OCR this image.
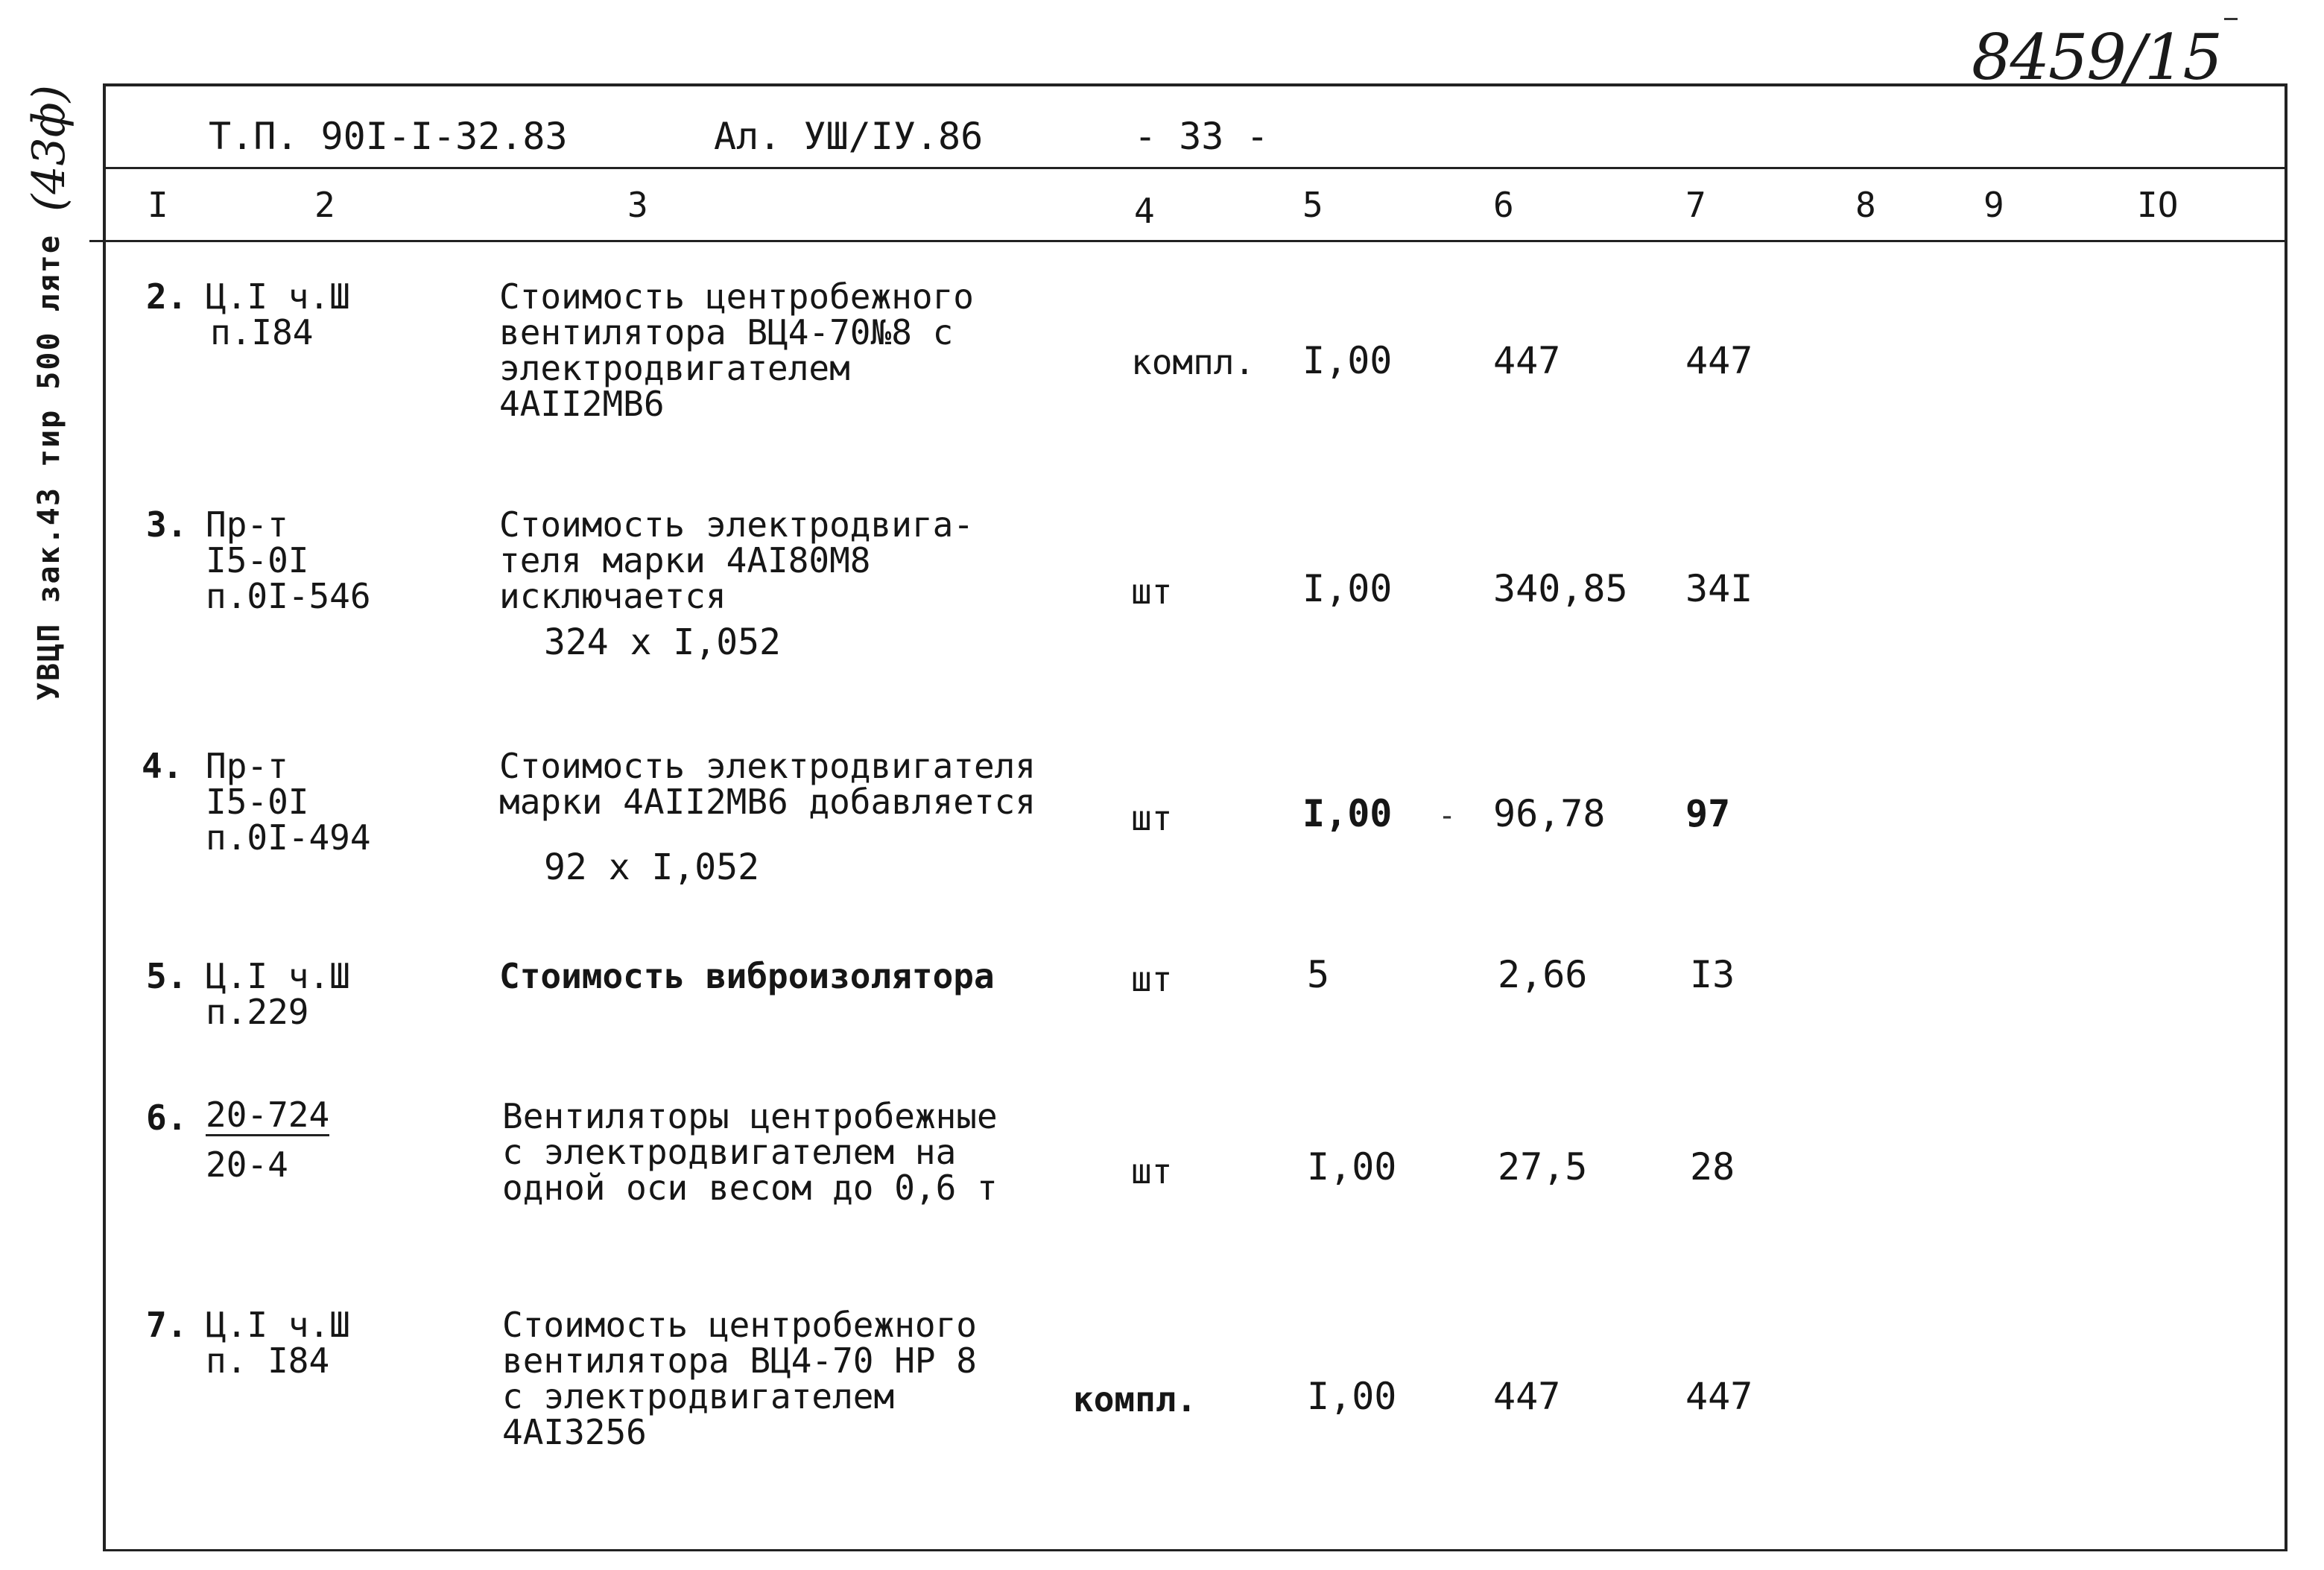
8459/15
УВЦП зак.43 тир 500 ляте
(43ф)	Т.П. 90I-I-32.83	Ал. УШ/IУ.86	- 33 -
I	2	3	4	5	6	7	8	9	IO
2. Ц.I ч.Ш
п.I84
Стоимость центробежного
вентилятора ВЦ4-70№8 с
электродвигателем
4АII2МВ6
компл. I,00	447	447
3. Пр-т
I5-0I
п.0I-546
Стоимость электродвига-
теля марки 4АI80М8
исключается
324 х I,052
шт	I,00	340,85 34I
4. Пр-т
I5-0I
п.0I-494
Стоимость электродвигателя
марки 4АII2МВ6 добавляется
92 х I,052
шт	I,00 - 96,78 97
5. Ц.I ч.Ш
п.229
Стоимость виброизолятора	шт	5	2,66	I3
6. 20-724
20-4
Вентиляторы центробежные
с электродвигателем на
одной оси весом до 0,6 т	шт	I,00	27,5	28
7. Ц.I ч.Ш
п. I84
Стоимость центробежного
вентилятора ВЦ4-70 НР 8
с электродвигателем
4АI3256
компл.	I,00	447	447
